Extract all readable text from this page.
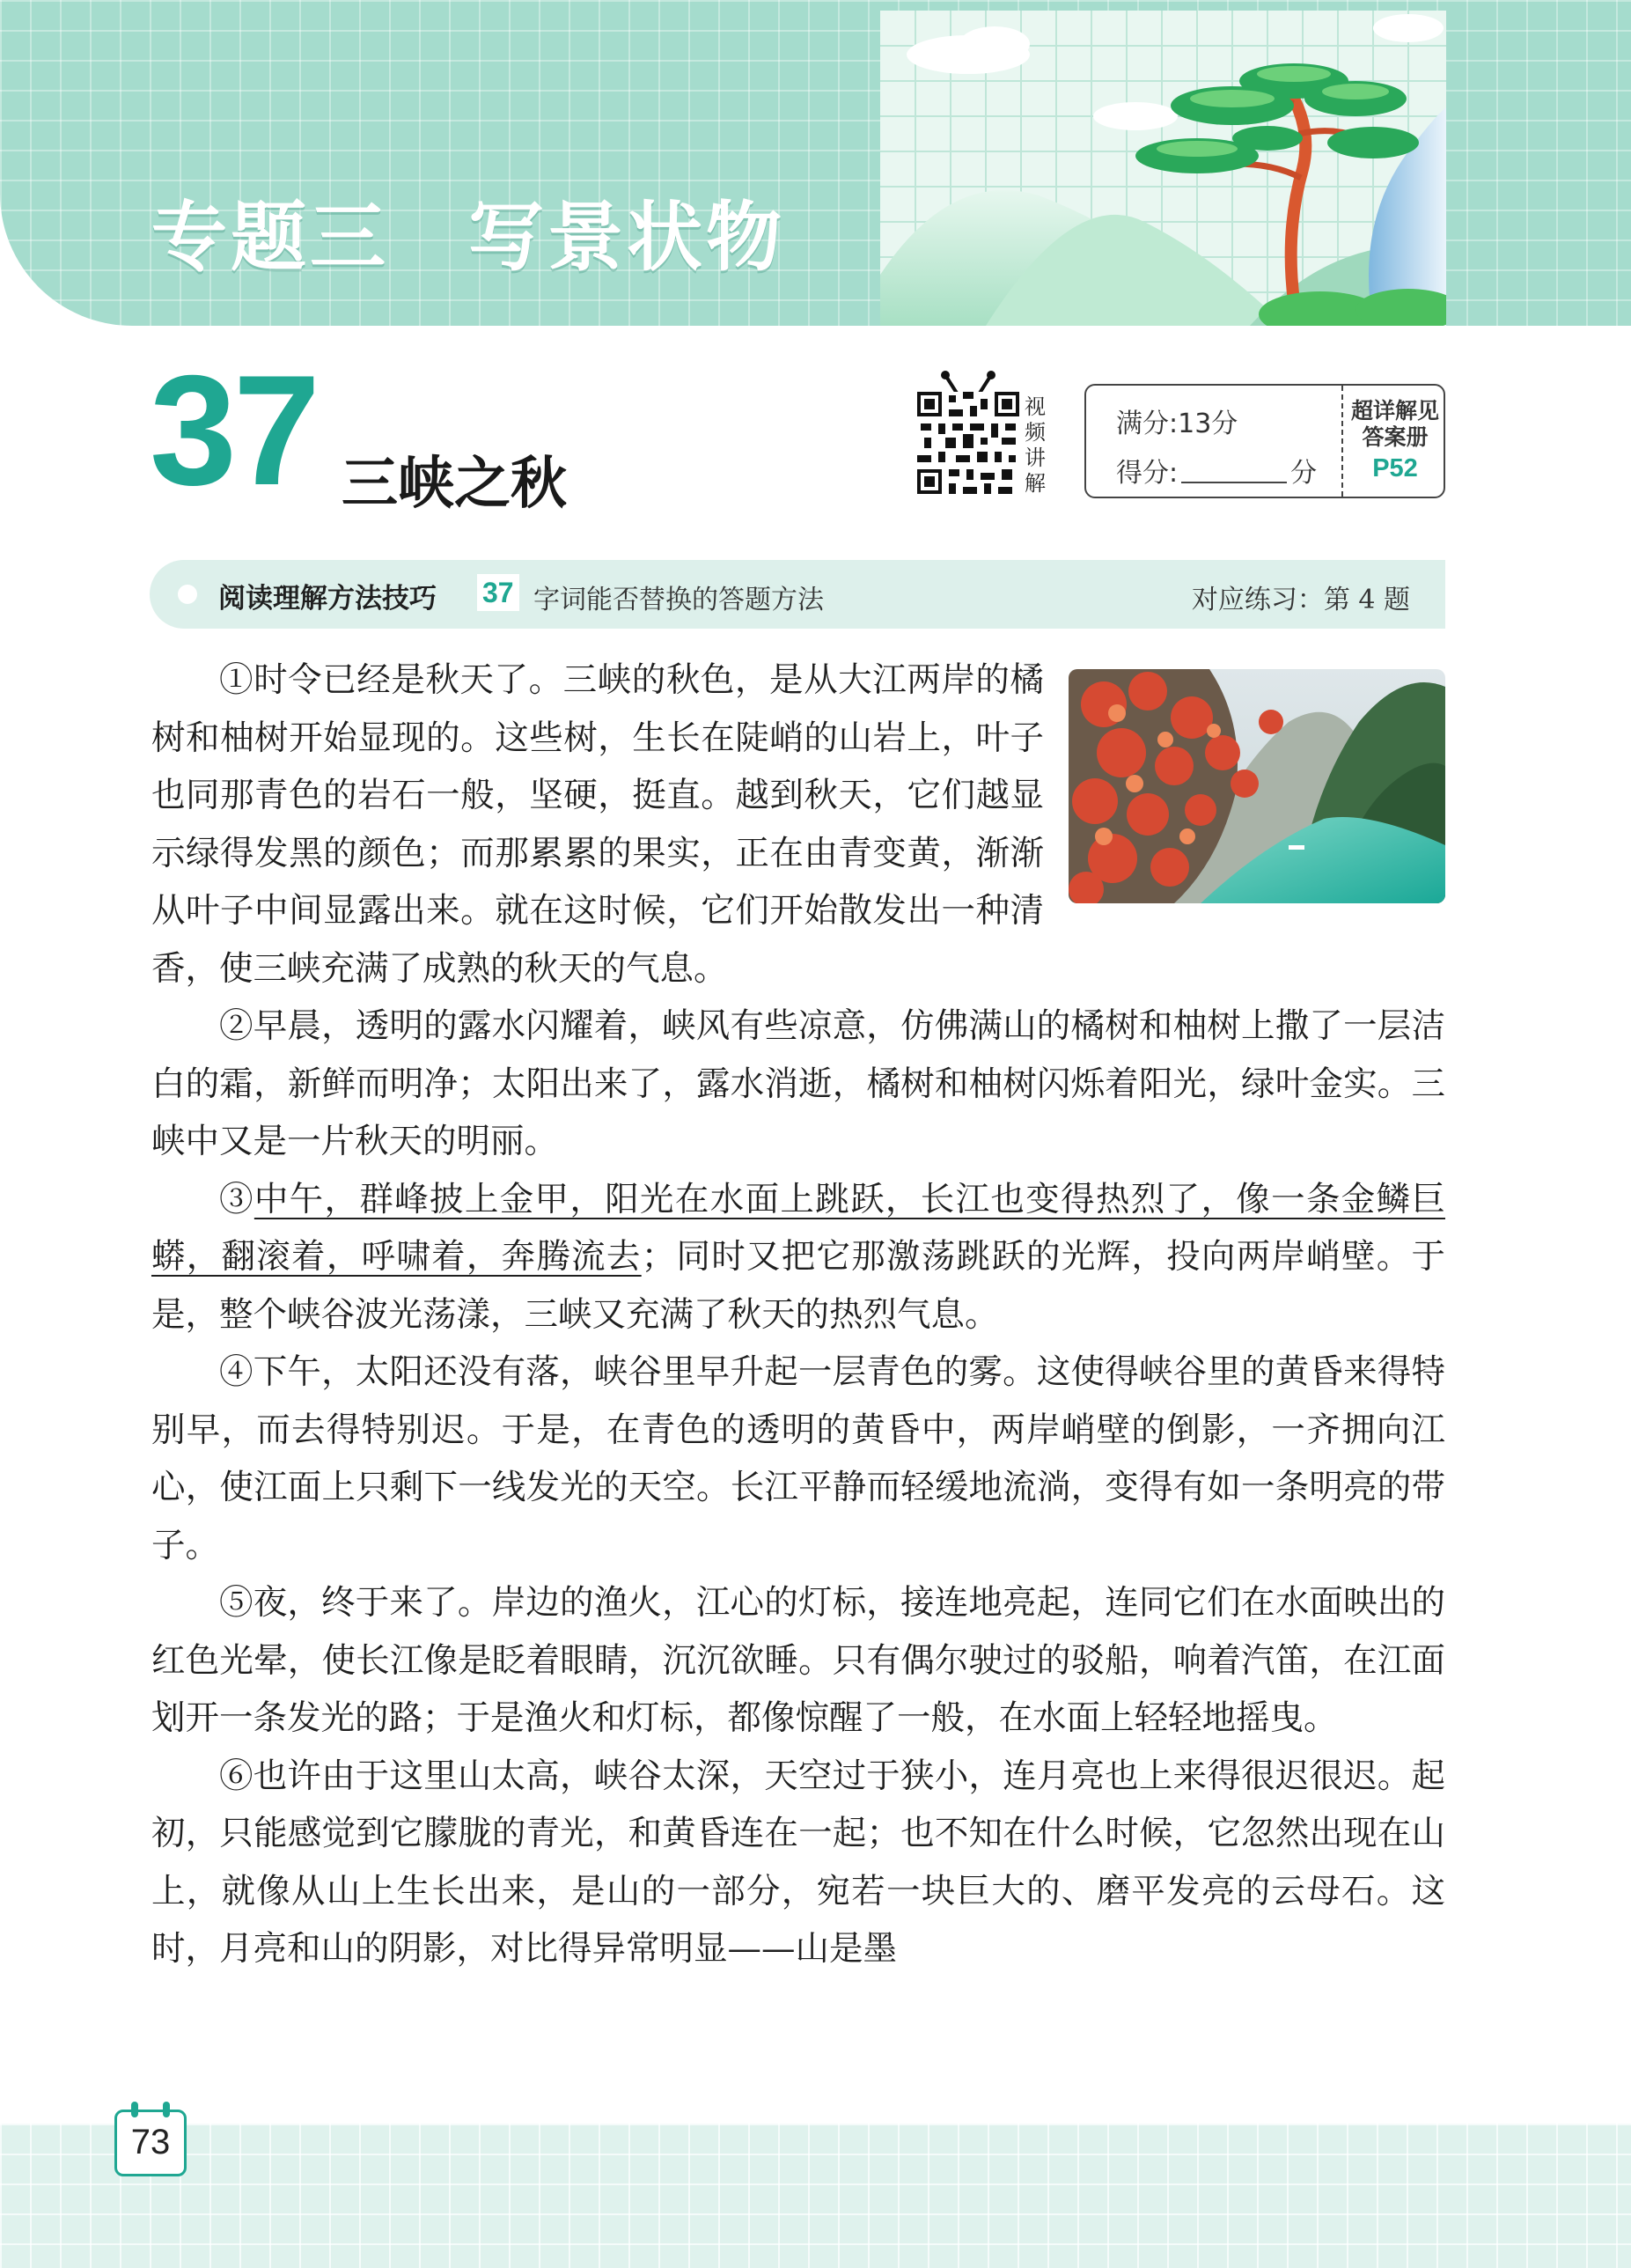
专题三 写景状物
37 三峡之秋
视
频
讲
解
满分:13分
得分:	分
超详解见
答案册
P52
阅读理解方法技巧 37 字词能否替换的答题方法	对应练习：第 4 题

①时令已经是秋天了。三峡的秋色，是从大江两岸的橘树和柚树开始显现的。这些树，生长在陡峭的山岩上，叶子也同那青色的岩石一般，坚硬，挺直。越到秋天，它们越显示绿得发黑的颜色；而那累累的果实，正在由青变黄，渐渐从叶子中间显露出来。就在这时候，它们开始散发出一种清香，使三峡充满了成熟的秋天的气息。

②早晨，透明的露水闪耀着，峡风有些凉意，仿佛满山的橘树和柚树上撒了一层洁白的霜，新鲜而明净；太阳出来了，露水消逝，橘树和柚树闪烁着阳光，绿叶金实。三峡中又是一片秋天的明丽。

③中午，群峰披上金甲，阳光在水面上跳跃，长江也变得热烈了，像一条金鳞巨蟒，翻滚着，呼啸着，奔腾流去；同时又把它那激荡跳跃的光辉，投向两岸峭壁。于是，整个峡谷波光荡漾，三峡又充满了秋天的热烈气息。

④下午，太阳还没有落，峡谷里早升起一层青色的雾。这使得峡谷里的黄昏来得特别早，而去得特别迟。于是，在青色的透明的黄昏中，两岸峭壁的倒影，一齐拥向江心，使江面上只剩下一线发光的天空。长江平静而轻缓地流淌，变得有如一条明亮的带子。

⑤夜，终于来了。岸边的渔火，江心的灯标，接连地亮起，连同它们在水面映出的红色光晕，使长江像是眨着眼睛，沉沉欲睡。只有偶尔驶过的驳船，响着汽笛，在江面划开一条发光的路；于是渔火和灯标，都像惊醒了一般，在水面上轻轻地摇曳。

⑥也许由于这里山太高，峡谷太深，天空过于狭小，连月亮也上来得很迟很迟。起初，只能感觉到它朦胧的青光，和黄昏连在一起；也不知在什么时候，它忽然出现在山上，就像从山上生长出来，是山的一部分，宛若一块巨大的、磨平发亮的云母石。这时，月亮和山的阴影，对比得异常明显——山是墨

73
